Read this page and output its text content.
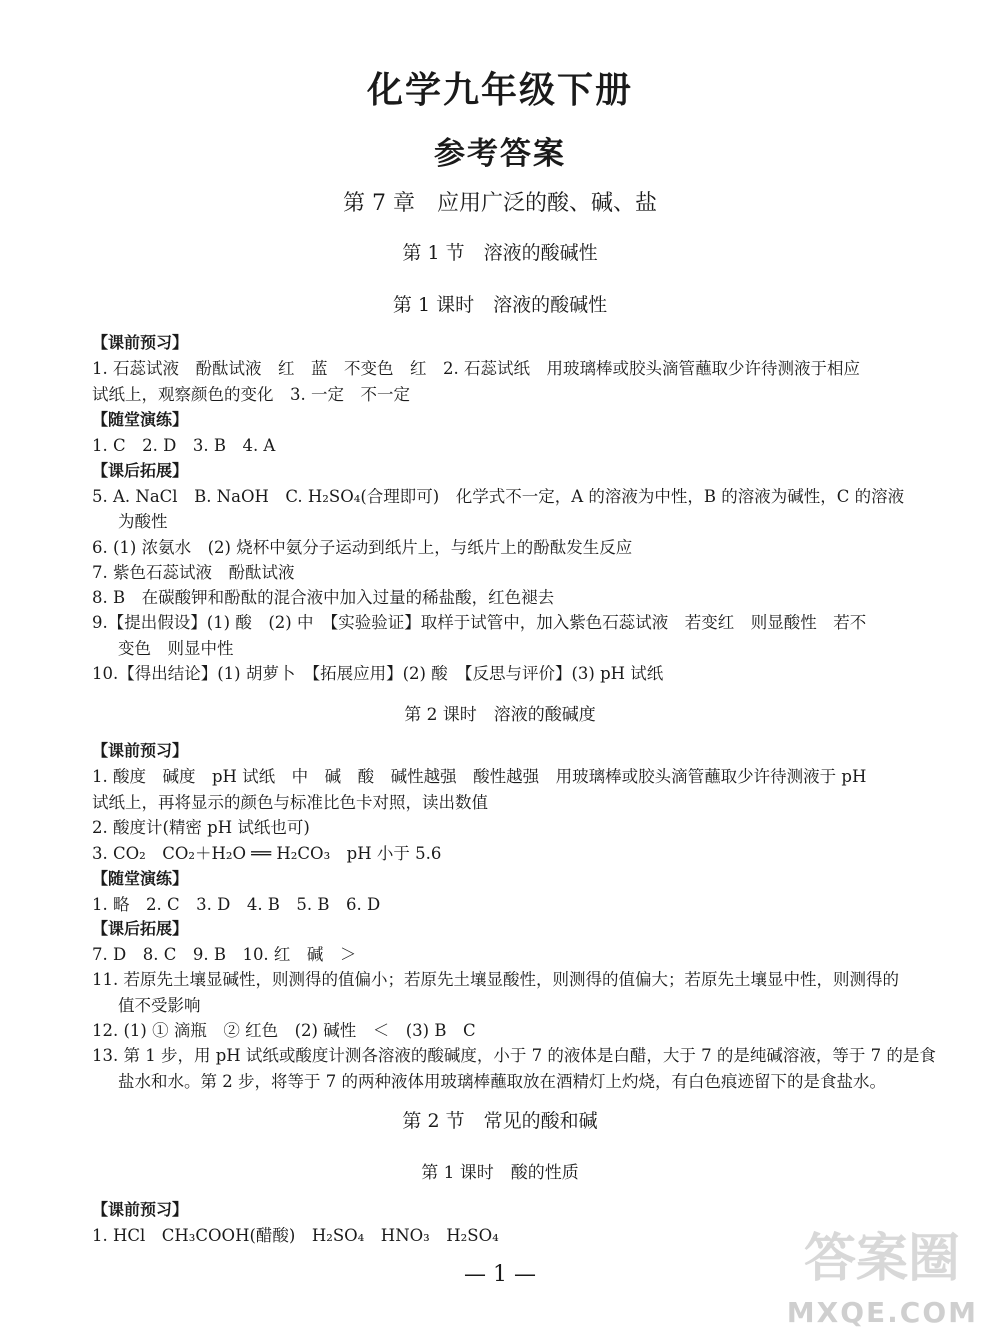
化学九年级下册
参考答案
第 7 章　应用广泛的酸、碱、盐
第 1 节　溶液的酸碱性
第 1 课时　溶液的酸碱性
【课前预习】
1. 石蕊试液　酚酞试液　红　蓝　不变色　红　2. 石蕊试纸　用玻璃棒或胶头滴管蘸取少许待测液于相应
试纸上，观察颜色的变化　3. 一定　不一定
【随堂演练】
1. C　2. D　3. B　4. A
【课后拓展】
5. A. NaCl　B. NaOH　C. H₂SO₄(合理即可)　化学式不一定，A 的溶液为中性，B 的溶液为碱性，C 的溶液
为酸性
6. (1) 浓氨水　(2) 烧杯中氨分子运动到纸片上，与纸片上的酚酞发生反应
7. 紫色石蕊试液　酚酞试液
8. B　在碳酸钾和酚酞的混合液中加入过量的稀盐酸，红色褪去
9.【提出假设】(1) 酸　(2) 中　【实验验证】取样于试管中，加入紫色石蕊试液　若变红　则显酸性　若不
变色　则显中性
10.【得出结论】(1) 胡萝卜　【拓展应用】(2) 酸　【反思与评价】(3) pH 试纸
第 2 课时　溶液的酸碱度
【课前预习】
1. 酸度　碱度　pH 试纸　中　碱　酸　碱性越强　酸性越强　用玻璃棒或胶头滴管蘸取少许待测液于 pH
试纸上，再将显示的颜色与标准比色卡对照，读出数值
2. 酸度计(精密 pH 试纸也可)
3. CO₂　CO₂＋H₂O ══ H₂CO₃　pH 小于 5.6
【随堂演练】
1. 略　2. C　3. D　4. B　5. B　6. D
【课后拓展】
7. D　8. C　9. B　10. 红　碱　＞
11. 若原先土壤显碱性，则测得的值偏小；若原先土壤显酸性，则测得的值偏大；若原先土壤显中性，则测得的
值不受影响
12. (1) ① 滴瓶　② 红色　(2) 碱性　＜　(3) B　C
13. 第 1 步，用 pH 试纸或酸度计测各溶液的酸碱度，小于 7 的液体是白醋，大于 7 的是纯碱溶液，等于 7 的是食
盐水和水。第 2 步，将等于 7 的两种液体用玻璃棒蘸取放在酒精灯上灼烧，有白色痕迹留下的是食盐水。
第 2 节　常见的酸和碱
第 1 课时　酸的性质
【课前预习】
1. HCl　CH₃COOH(醋酸)　H₂SO₄　HNO₃　H₂SO₄
— 1 —	答案圈
MXQE.COM
